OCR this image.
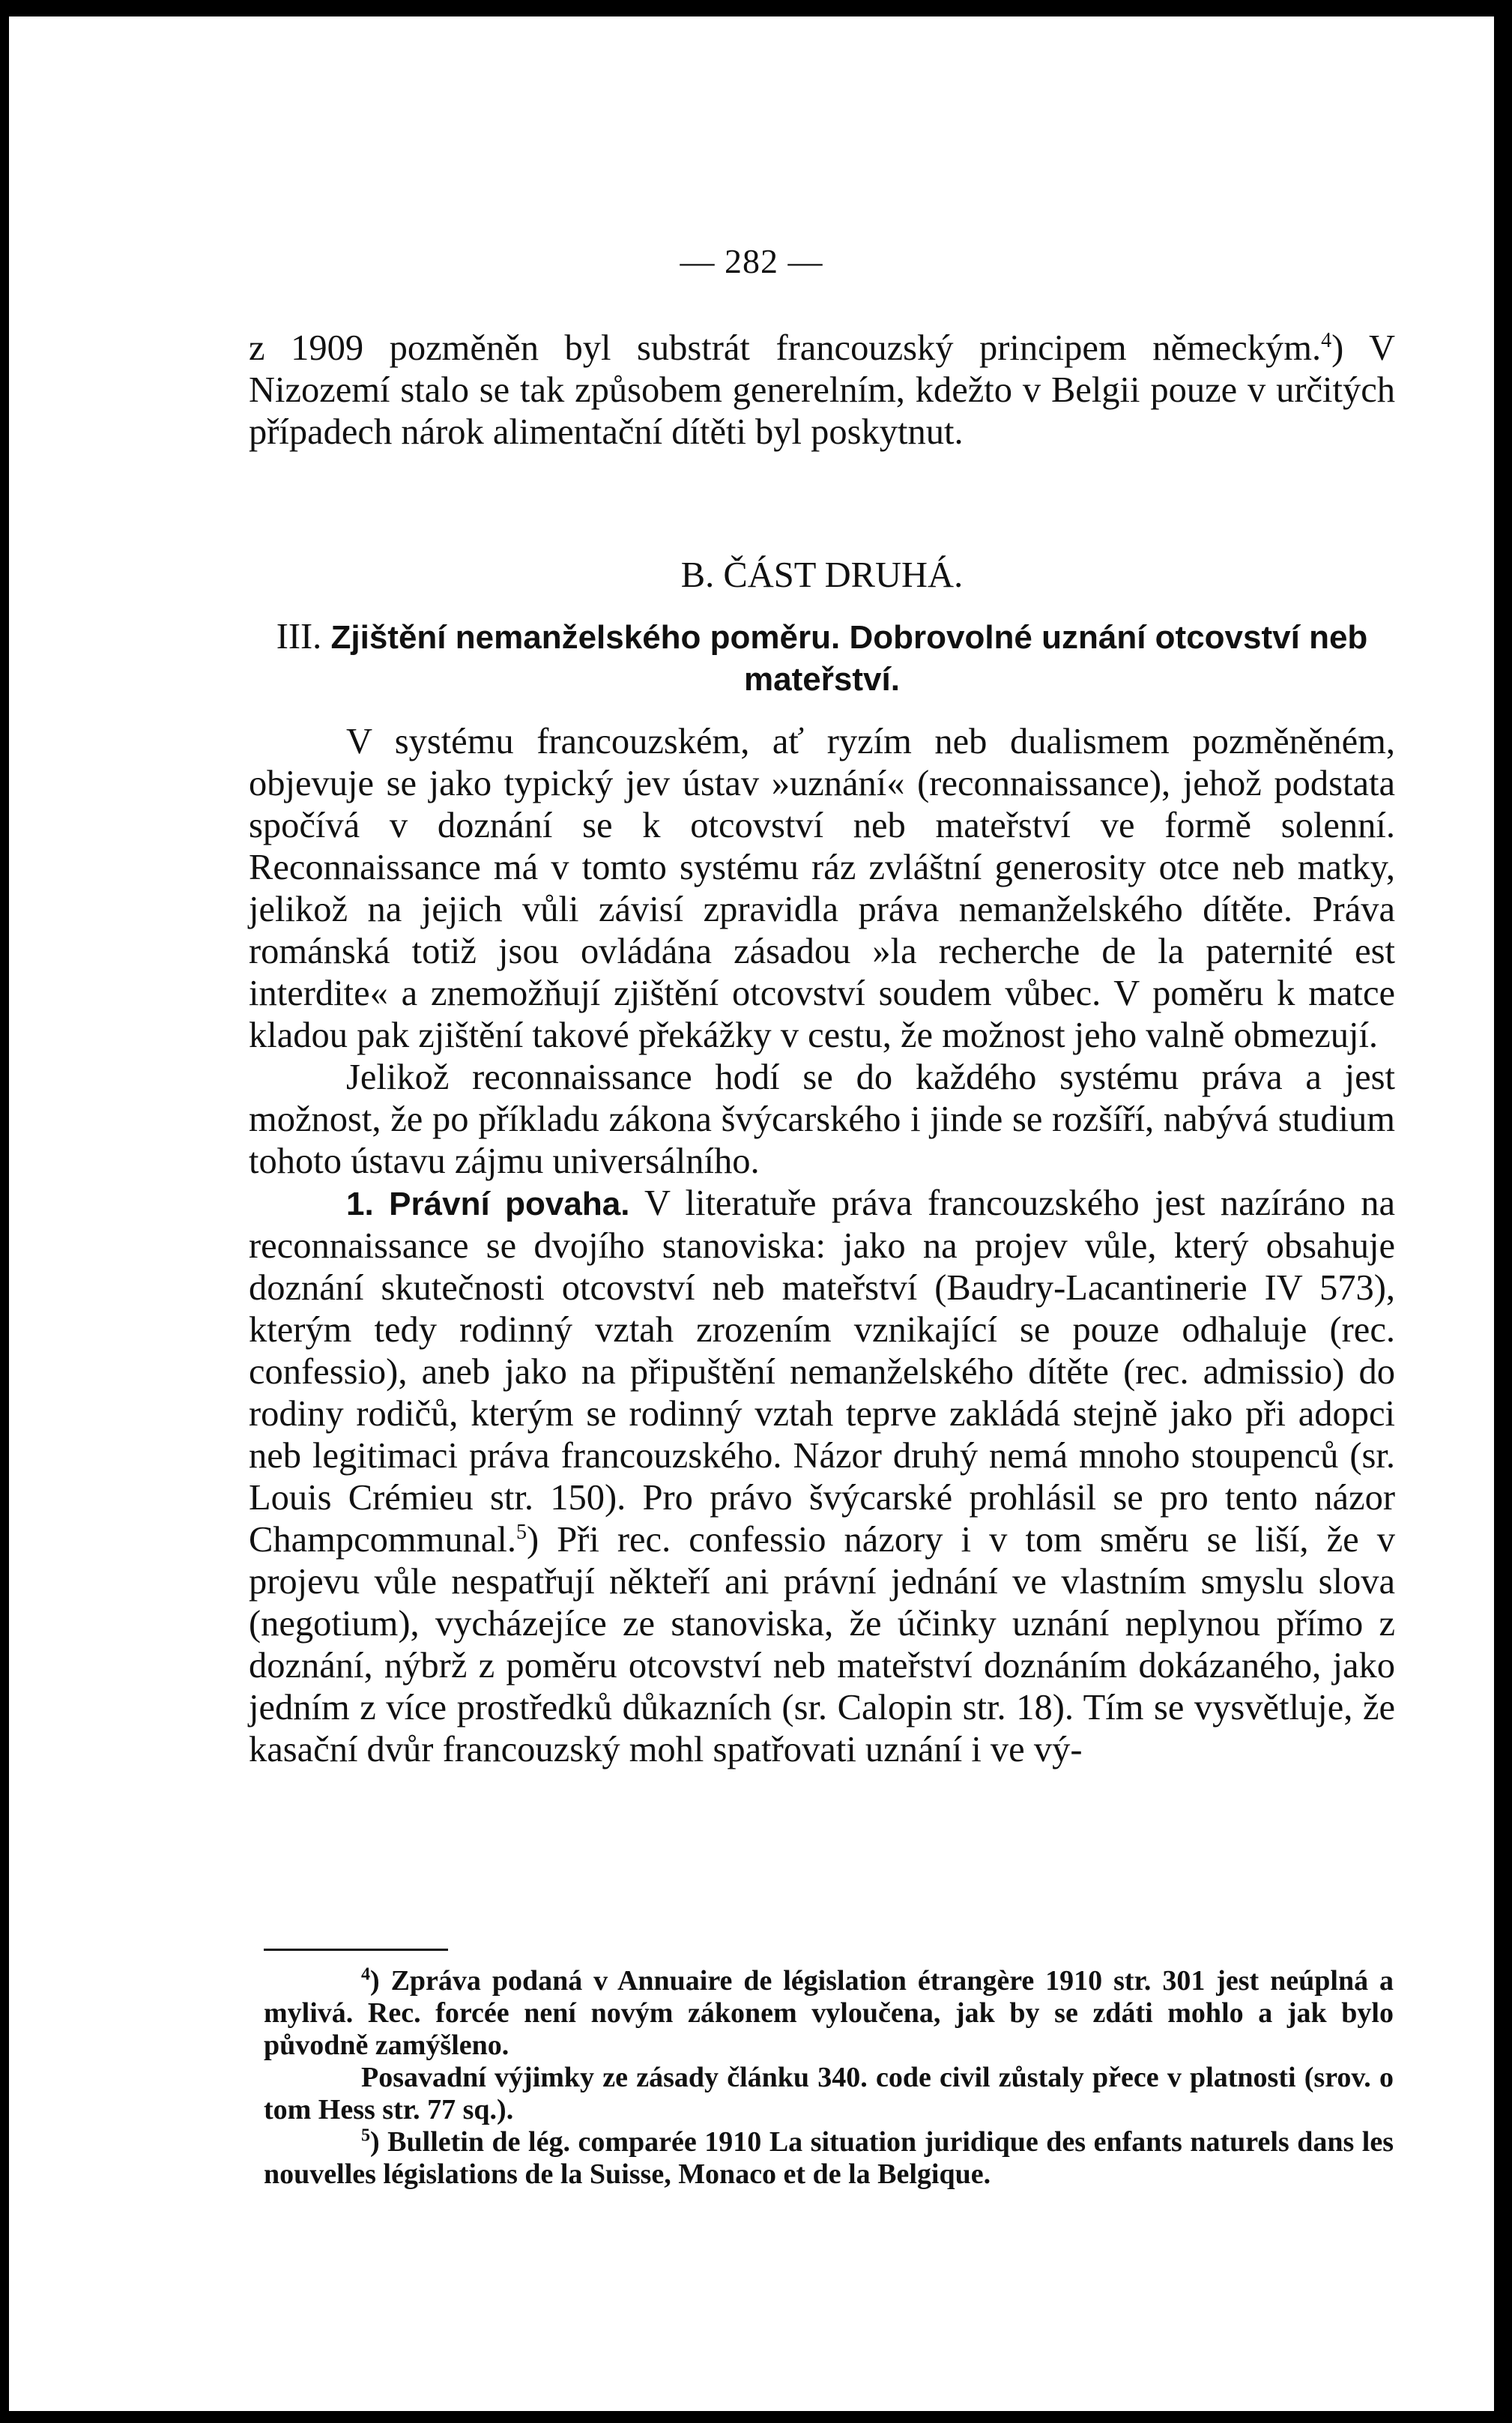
— 282 —

z 1909 pozměněn byl substrát francouzský principem německým.$^4$) V Nizozemí stalo se tak způsobem generelním, kdežto v Belgii pouze v určitých případech nárok alimentační dítěti byl poskytnut.

B. ČÁST DRUHÁ.

III. Zjištění nemanželského poměru. Dobrovolné uznání otcovství neb mateřství.

V systému francouzském, ať ryzím neb dualismem pozměněném, objevuje se jako typický jev ústav »uznání« (reconnaissance), jehož podstata spočívá v doznání se k otcovství neb mateřství ve formě solenní. Reconnaissance má v tomto systému ráz zvláštní generosity otce neb matky, jelikož na jejich vůli závisí zpravidla práva nemanželského dítěte. Práva románská totiž jsou ovládána zásadou »la recherche de la paternité est interdite« a znemožňují zjištění otcovství soudem vůbec. V poměru k matce kladou pak zjištění takové překážky v cestu, že možnost jeho valně obmezují.

Jelikož reconnaissance hodí se do každého systému práva a jest možnost, že po příkladu zákona švýcarského i jinde se rozšíří, nabývá studium tohoto ústavu zájmu universálního.

1. Právní povaha. V literatuře práva francouzského jest nazíráno na reconnaissance se dvojího stanoviska: jako na projev vůle, který obsahuje doznání skutečnosti otcovství neb mateřství (Baudry-Lacantinerie IV 573), kterým tedy rodinný vztah zrozením vznikající se pouze odhaluje (rec. confessio), aneb jako na připuštění nemanželského dítěte (rec. admissio) do rodiny rodičů, kterým se rodinný vztah teprve zakládá stejně jako při adopci neb legitimaci práva francouzského. Názor druhý nemá mnoho stoupenců (sr. Louis Crémieu str. 150). Pro právo švýcarské prohlásil se pro tento názor Champcommunal.$^5$) Při rec. confessio názory i v tom směru se liší, že v projevu vůle nespatřují někteří ani právní jednání ve vlastním smyslu slova (negotium), vycházejíce ze stanoviska, že účinky uznání neplynou přímo z doznání, nýbrž z poměru otcovství neb mateřství doznáním dokázaného, jako jedním z více prostředků důkazních (sr. Calopin str. 18). Tím se vysvětluje, že kasační dvůr francouzský mohl spatřovati uznání i ve vý-

$^4$) Zpráva podaná v Annuaire de législation étrangère 1910 str. 301 jest neúplná a mylivá. Rec. forcée není novým zákonem vyloučena, jak by se zdáti mohlo a jak bylo původně zamýšleno.

Posavadní výjimky ze zásady článku 340. code civil zůstaly přece v platnosti (srov. o tom Hess str. 77 sq.).

$^5$) Bulletin de lég. comparée 1910 La situation juridique des enfants naturels dans les nouvelles législations de la Suisse, Monaco et de la Belgique.
